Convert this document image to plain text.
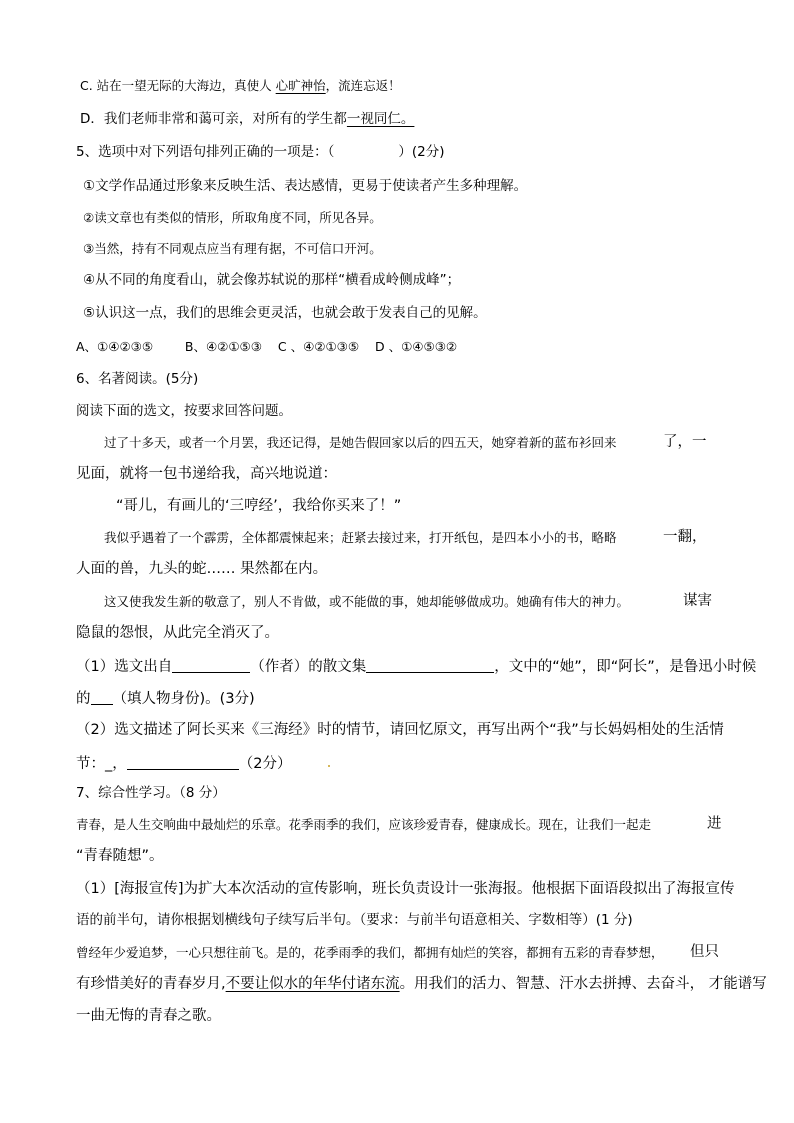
C. 站在一望无际的大海边，真使人 心旷神怡，流连忘返！
D．我们老师非常和蔼可亲，对所有的学生都一视同仁。
5、选项中对下列语句排列正确的一项是：（	）(2分)
①文学作品通过形象来反映生活、表达感情，更易于使读者产生多种理解。
②读文章也有类似的情形，所取角度不同，所见各异。
③当然，持有不同观点应当有理有据，不可信口开河。
④从不同的角度看山，就会像苏轼说的那样“横看成岭侧成峰”；
⑤认识这一点，我们的思维会更灵活，也就会敢于发表自己的见解。
A、①④②③⑤        B、④②①⑤③    C 、④②①③⑤    D 、①④⑤③②
6、名著阅读。(5分)
阅读下面的选文，按要求回答问题。
过了十多天，或者一个月罢，我还记得，是她告假回家以后的四五天，她穿着新的蓝布衫回来	了，一
见面，就将一包书递给我，高兴地说道：
“哥儿，有画儿的‘三哼经’，我给你买来了！”
我似乎遇着了一个霹雳，全体都震悚起来；赶紧去接过来，打开纸包，是四本小小的书，略略	一翻，
人面的兽，九头的蛇…… 果然都在内。
这又使我发生新的敬意了，别人不肯做，或不能做的事，她却能够做成功。她确有伟大的神力。	谋害
隐鼠的怨恨，从此完全消灭了。
（1）选文出自	（作者）的散文集	，文中的“她”，即“阿长”，是鲁迅小时候
的 （填人物身份)。(3分)
（2）选文描述了阿长买来《三海经》时的情节，请回忆原文，再写出两个“我”与长妈妈相处的生活情
节：_，	（2分）
7、综合性学习。（8 分）
青春，是人生交响曲中最灿烂的乐章。花季雨季的我们，应该珍爱青春，健康成长。现在，让我们一起走	进
“青春随想”。
（1）[海报宣传]为扩大本次活动的宣传影响，班长负责设计一张海报。他根据下面语段拟出了海报宣传
语的前半句，请你根据划横线句子续写后半句。（要求：与前半句语意相关、字数相等）(1 分)
曾经年少爱追梦，一心只想往前飞。是的，花季雨季的我们，都拥有灿烂的笑容，都拥有五彩的青春梦想， 但只
有珍惜美好的青春岁月,不要让似水的年华付诸东流。用我们的活力、智慧、汗水去拼搏、去奋斗， 才能谱写
一曲无悔的青春之歌。
